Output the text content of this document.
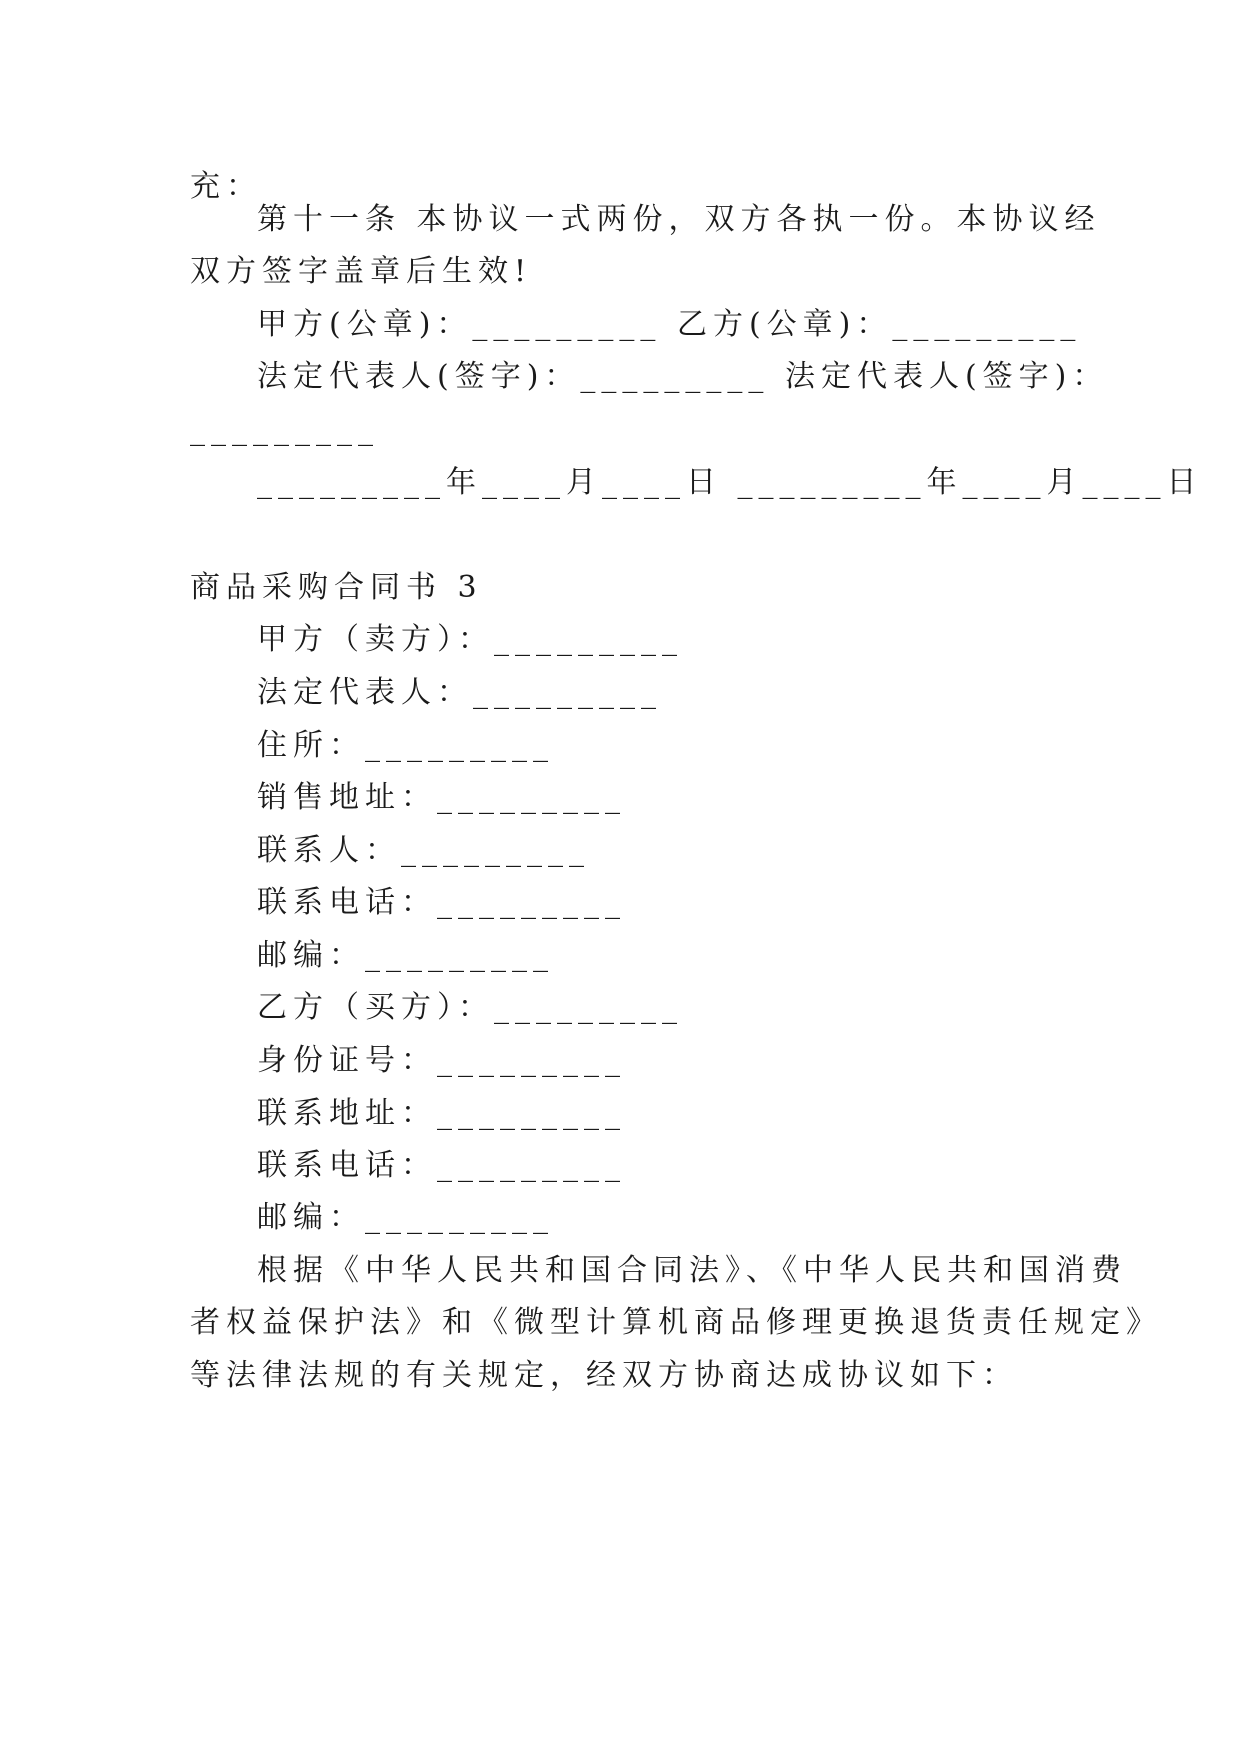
充：
第十一条 本协议一式两份，双方各执一份。本协议经
双方签字盖章后生效!
甲方(公章)：_________ 乙方(公章)：_________
法定代表人(签字)：_________ 法定代表人(签字)：
_________
_________年____月____日 _________年____月____日
商品采购合同书 3
甲方（卖方）：_________
法定代表人：_________
住所：_________
销售地址：_________
联系人：_________
联系电话：_________
邮编：_________
乙方（买方）：_________
身份证号：_________
联系地址：_________
联系电话：_________
邮编：_________
根据《中华人民共和国合同法》、《中华人民共和国消费
者权益保护法》和《微型计算机商品修理更换退货责任规定》
等法律法规的有关规定，经双方协商达成协议如下：
